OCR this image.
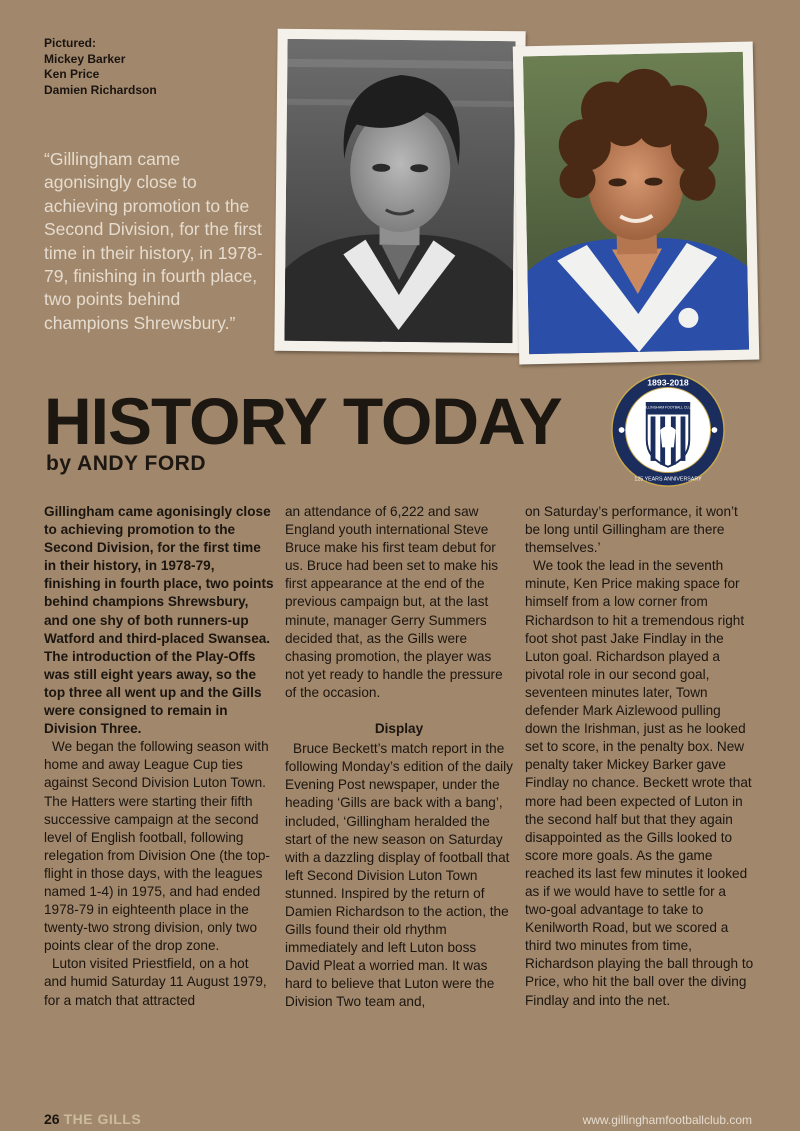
Pictured:
Mickey Barker
Ken Price
Damien Richardson
“Gillingham came agonisingly close to achieving promotion to the Second Division, for the first time in their history, in 1978-79, finishing in fourth place, two points behind champions Shrewsbury.”
1893-2018
125 YEARS ANNIVERSARY
GILLINGHAM FOOTBALL CLUB
HISTORY TODAY
by ANDY FORD

Gillingham came agonisingly close to achieving promotion to the Second Division, for the first time in their history, in 1978-79, finishing in fourth place, two points behind champions Shrewsbury, and one shy of both runners-up Watford and third-placed Swansea. The introduction of the Play-Offs was still eight years away, so the top three all went up and the Gills were consigned to remain in Division Three.

We began the following season with home and away League Cup ties against Second Division Luton Town. The Hatters were starting their fifth successive campaign at the second level of English football, following relegation from Division One (the top-flight in those days, with the leagues named 1-4) in 1975, and had ended 1978-79 in eighteenth place in the twenty-two strong division, only two points clear of the drop zone.

Luton visited Priestfield, on a hot and humid Saturday 11 August 1979, for a match that attracted

an attendance of 6,222 and saw England youth international Steve Bruce make his first team debut for us. Bruce had been set to make his first appearance at the end of the previous campaign but, at the last minute, manager Gerry Summers decided that, as the Gills were chasing promotion, the player was not yet ready to handle the pressure of the occasion.

Display

Bruce Beckett’s match report in the following Monday’s edition of the daily Evening Post newspaper, under the heading ‘Gills are back with a bang’, included, ‘Gillingham heralded the start of the new season on Saturday with a dazzling display of football that left Second Division Luton Town stunned. Inspired by the return of Damien Richardson to the action, the Gills found their old rhythm immediately and left Luton boss David Pleat a worried man. It was hard to believe that Luton were the Division Two team and,

on Saturday’s performance, it won’t be long until Gillingham are there themselves.’

We took the lead in the seventh minute, Ken Price making space for himself from a low corner from Richardson to hit a tremendous right foot shot past Jake Findlay in the Luton goal. Richardson played a pivotal role in our second goal, seventeen minutes later, Town defender Mark Aizlewood pulling down the Irishman, just as he looked set to score, in the penalty box. New penalty taker Mickey Barker gave Findlay no chance. Beckett wrote that more had been expected of Luton in the second half but that they again disappointed as the Gills looked to score more goals. As the game reached its last few minutes it looked as if we would have to settle for a two-goal advantage to take to Kenilworth Road, but we scored a third two minutes from time, Richardson playing the ball through to Price, who hit the ball over the diving Findlay and into the net.

26 THE GILLS	www.gillinghamfootballclub.com
